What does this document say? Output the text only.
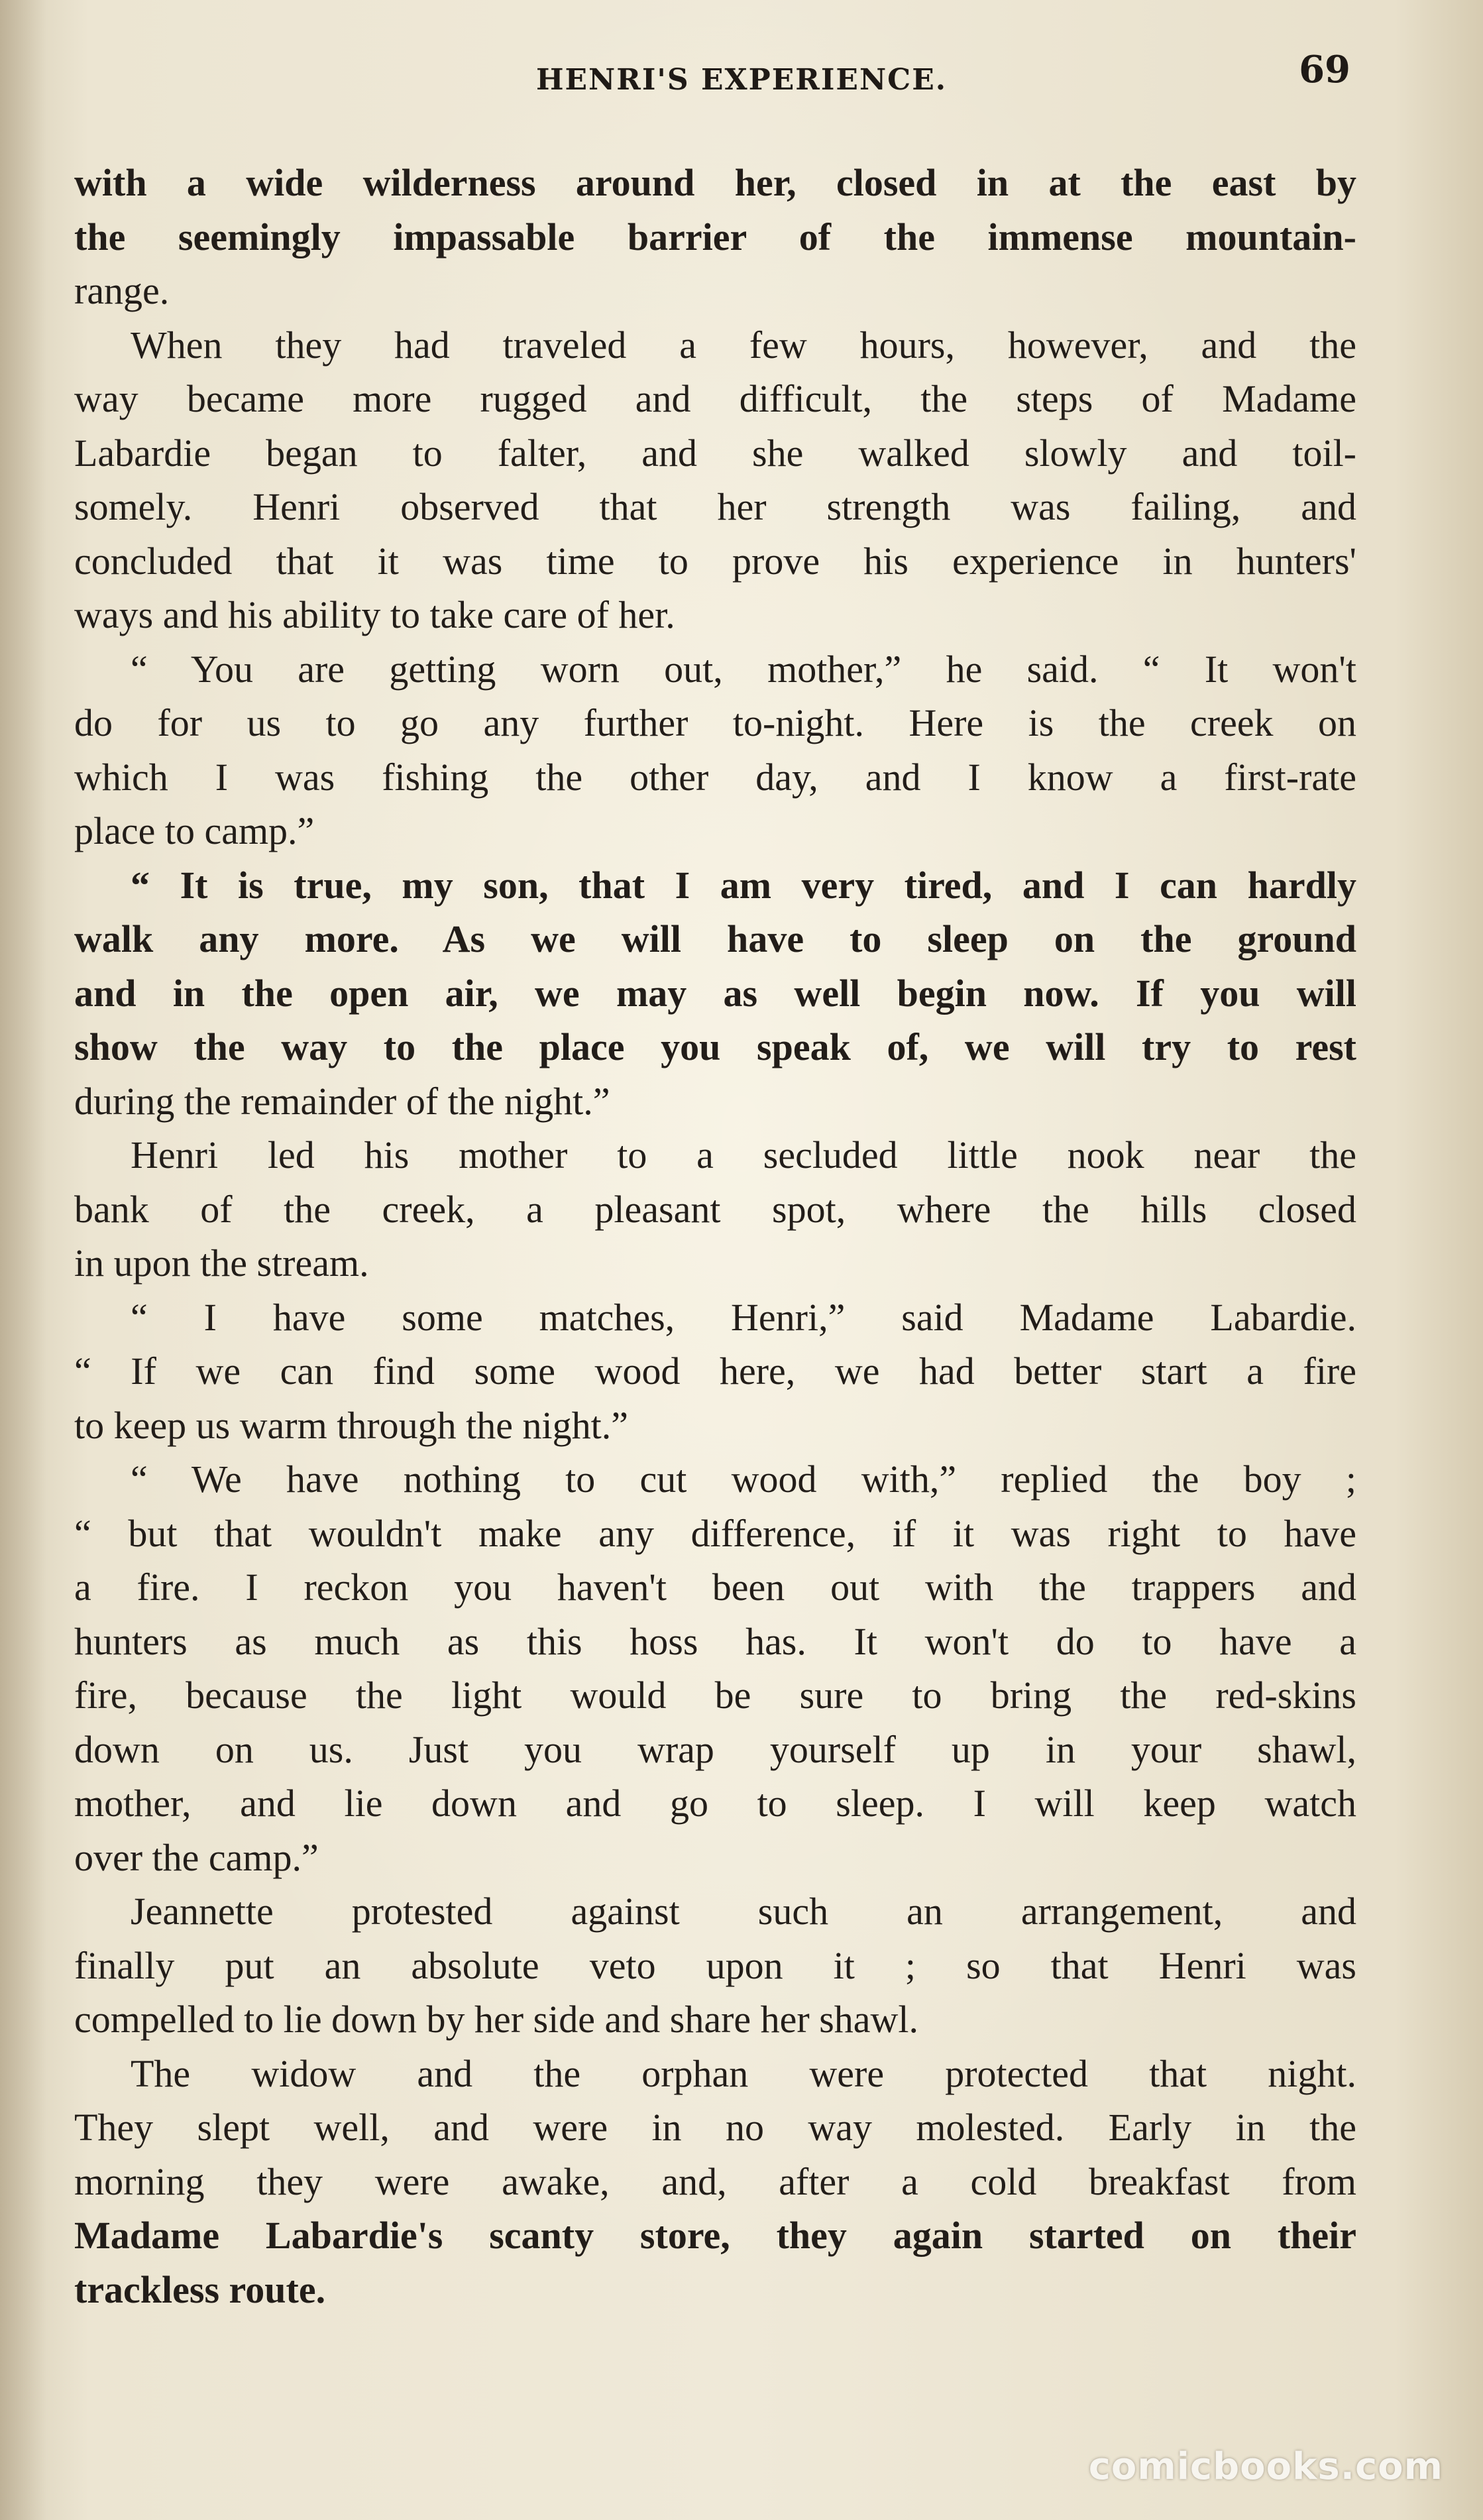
HENRI'S EXPERIENCE.	69
with a wide wilderness around her, closed in at the east by
the seemingly impassable barrier of the immense mountain-
range.
When they had traveled a few hours, however, and the
way became more rugged and difficult, the steps of Madame
Labardie began to falter, and she walked slowly and toil-
somely. Henri observed that her strength was failing, and
concluded that it was time to prove his experience in hunters'
ways and his ability to take care of her.
“ You are getting worn out, mother,” he said. “ It won't
do for us to go any further to-night. Here is the creek on
which I was fishing the other day, and I know a first-rate
place to camp.”
“ It is true, my son, that I am very tired, and I can hardly
walk any more. As we will have to sleep on the ground
and in the open air, we may as well begin now. If you will
show the way to the place you speak of, we will try to rest
during the remainder of the night.”
Henri led his mother to a secluded little nook near the
bank of the creek, a pleasant spot, where the hills closed
in upon the stream.
“ I have some matches, Henri,” said Madame Labardie.
“ If we can find some wood here, we had better start a fire
to keep us warm through the night.”
“ We have nothing to cut wood with,” replied the boy ;
“ but that wouldn't make any difference, if it was right to have
a fire. I reckon you haven't been out with the trappers and
hunters as much as this hoss has. It won't do to have a
fire, because the light would be sure to bring the red-skins
down on us. Just you wrap yourself up in your shawl,
mother, and lie down and go to sleep. I will keep watch
over the camp.”
Jeannette protested against such an arrangement, and
finally put an absolute veto upon it ; so that Henri was
compelled to lie down by her side and share her shawl.
The widow and the orphan were protected that night.
They slept well, and were in no way molested. Early in the
morning they were awake, and, after a cold breakfast from
Madame Labardie's scanty store, they again started on their
trackless route.
comicbooks.com
